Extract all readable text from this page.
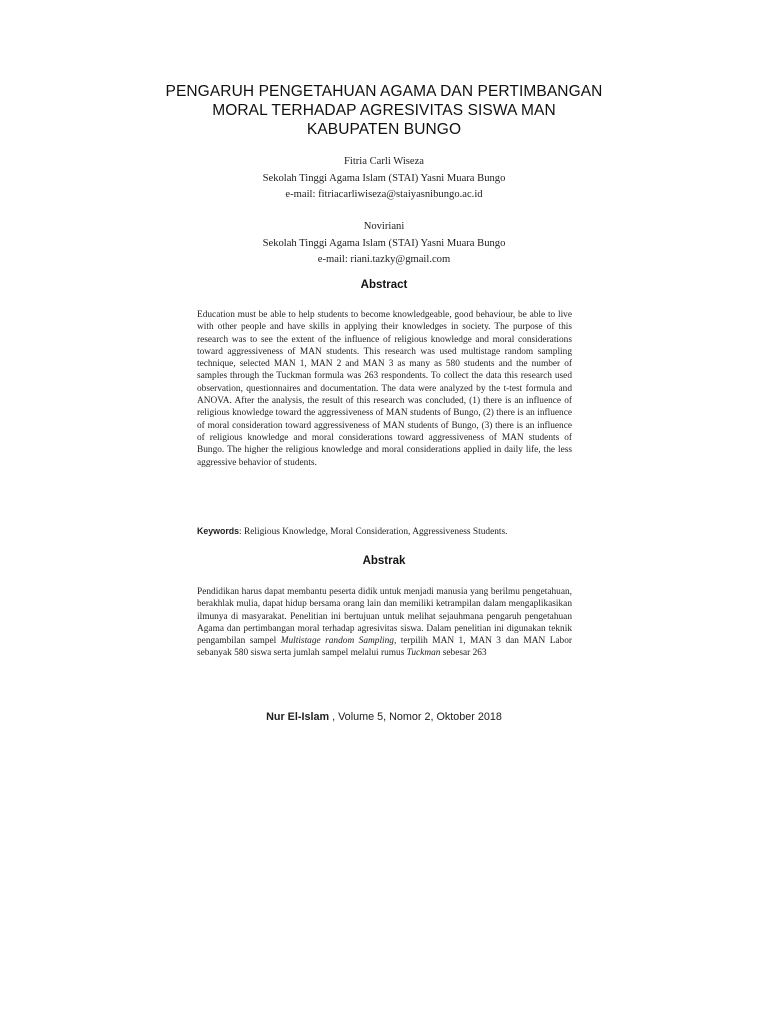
PENGARUH PENGETAHUAN AGAMA DAN PERTIMBANGAN
MORAL TERHADAP AGRESIVITAS SISWA MAN
KABUPATEN BUNGO
Fitria Carli Wiseza
Sekolah Tinggi Agama Islam (STAI) Yasni Muara Bungo
e-mail: fitriacarliwiseza@staiyasnibungo.ac.id
Noviriani
Sekolah Tinggi Agama Islam (STAI) Yasni Muara Bungo
e-mail: riani.tazky@gmail.com
Abstract
Education must be able to help students to become knowledgeable, good behaviour, be able to live with other people and have skills in applying their knowledges in society. The purpose of this research was to see the extent of the influence of religious knowledge and moral considerations toward aggressiveness of MAN students. This research was used multistage random sampling technique, selected MAN 1, MAN 2 and MAN 3 as many as 580 students and the number of samples through the Tuckman formula was 263 respondents. To collect the data this research used observation, questionnaires and documentation. The data were analyzed by the t-test formula and ANOVA. After the analysis, the result of this research was concluded, (1) there is an influence of religious knowledge toward the aggressiveness of MAN students of Bungo, (2) there is an influence of moral consideration toward aggressiveness of MAN students of Bungo, (3) there is an influence of religious knowledge and moral considerations toward aggressiveness of MAN students of Bungo. The higher the religious knowledge and moral considerations applied in daily life, the less aggressive behavior of students.
Keywords: Religious Knowledge, Moral Consideration, Aggressiveness Students.
Abstrak
Pendidikan harus dapat membantu peserta didik untuk menjadi manusia yang berilmu pengetahuan, berakhlak mulia, dapat hidup bersama orang lain dan memiliki ketrampilan dalam mengaplikasikan ilmunya di masyarakat. Penelitian ini bertujuan untuk melihat sejauhmana pengaruh pengetahuan Agama dan pertimbangan moral terhadap agresivitas siswa. Dalam penelitian ini digunakan teknik pengambilan sampel Multistage random Sampling, terpilih MAN 1, MAN 3 dan MAN Labor sebanyak 580 siswa serta jumlah sampel melalui rumus Tuckman sebesar 263
Nur El-Islam , Volume 5, Nomor 2, Oktober 2018
